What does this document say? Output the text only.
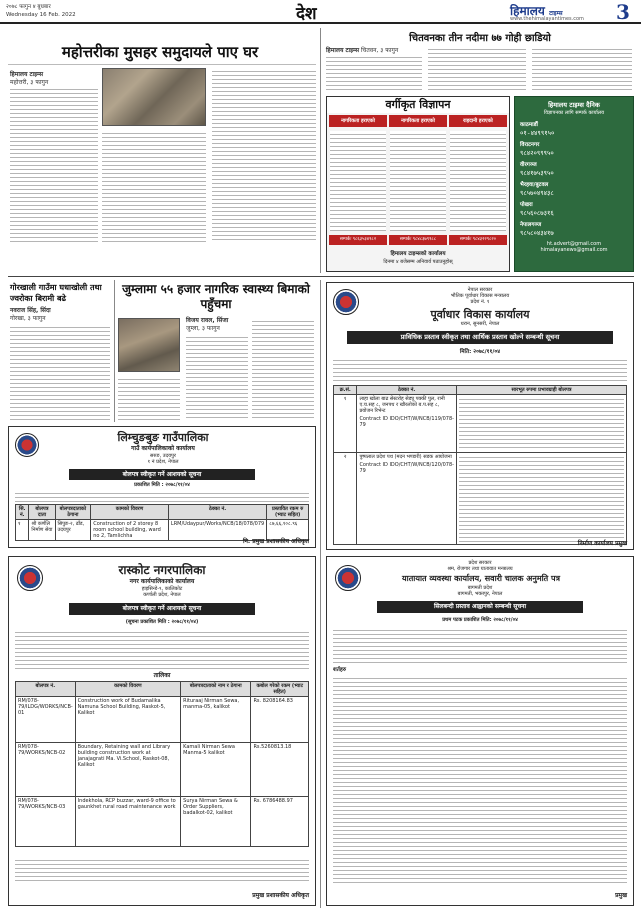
२०७८ फागुन ४ बुधबार
Wednesday 16 Feb. 2022	देश	हिमालय टाइम्स
www.thehimalayantimes.com 3
महोत्तरीका मुसहर समुदायले पाए घर
हिमालय टाइम्स
महोत्तरी, ३ फागुन
चितवनका तीन नदीमा ७७ गोही छाडियो
हिमालय टाइम्स चितवन, ३ फागुन
वर्गीकृत विज्ञापन
नागरिकता हराएको	नागरिकता हराएको	राहदानी हराएको
सम्पर्कः ९८६३५३४९८२	सम्पर्कः ९८४८३७९९८८	सम्पर्कः ९८४३२२९८२०
हिमालय टाइम्सको कार्यालय
दिनमा ४ बजेसम्म अनिवार्य पठाउनुहोस्
हिमालय टाइम्स दैनिक
विज्ञापनका लागि सम्पर्क कार्यालय
काठमाडौं
०१-४४९९१५०
विराटनगर
९८४२०९९९५०
वीरगञ्ज
९८४१७५३९५०
भैरहवा/बुटवल
९८५७०४९४३८
पोखरा
९८५६०८७३१६
नेपालगञ्ज
९८५८०४३४१७
ht.advert@gmail.com
himalayanews@gmail.com
गोरखाली गाउँमा घधाखोली तथा ज्वरोका बिरामी बढे
नवराज सिंह, सिंदा
गोरखा, ३ फागुन
जुम्लामा ५५ हजार नागरिक स्वास्थ्य बिमाको पहुँचमा
विजय रावल, सिंजा
जुम्ला, ३ फागुन
नेपाल सरकार
भौतिक पूर्वाधार विकास मन्त्रालय
प्रदेश नं. १
पूर्वाधार विकास कार्यालय
धरान, सुनसरी, नेपाल
प्राविधिक प्रस्ताव स्वीकृत तथा आर्थिक प्रस्ताव खोल्ने सम्बन्धी सूचना
मिति: २०७८/११/०४
क्र.सं.	ठेक्का नं.	सारभूत रुपमा प्रभावग्राही बोलपत्र
१	लाहा खोला बाढ सेस्टरोह सेड्यू पक्की पुल, रानी ए.च.सह ८, जनपथ र खौरलोको ब.प.सह ८, प्रयोजन रिभेन्ट
Contract ID IDO/CHT/W/NCB/119/078-79	

२	पुष्पलाल प्रदेश पथ (मदन भण्डारी) सडक आयोजना
Contract ID IDO/CHT/W/NCB/120/078-79	

निर्माण कार्यालय प्रमुख
लिम्चुङबुङ गाउँपालिका
गाउँ कार्यपालिकाको कार्यालय
सरुङ, उदयपुर
१ नं प्रदेश, नेपाल
बोलपत्र स्वीकृत गर्ने आशयको सूचना
प्रकाशित मिति : २०७८/११/०४
सि. नं.	बोलपत्र दाता	बोलपत्रदाताको ठेगाना	कामको विवरण	ठेक्का नं.	प्रस्तावित रकम रु (भ्याट सहित)
१	श्री कर्णलि निर्माण सेवा	सिपुङ-२, ढाँड, उदयपुर	Construction of 2 storey 8 room school building, ward no 2, Tamlichha	LRM/Udaypur/Works/NCB/18/078/079	८७,६६,१०८.९६
नि. प्रमुख प्रशासकीय अधिकृत
रास्कोट नगरपालिका
नगर कार्यपालिकाको कार्यालय
हाइसिन्डे-९, कालिकोट
कर्णाली प्रदेश, नेपाल
बोलपत्र स्वीकृत गर्ने आशयको सूचना
(सूचना प्रकाशित मिति : २०७८/११/०४)
तालिका
बोलपत्र नं.	कामको विवरण	बोलपत्रदाताको नाम र ठेगाना	कबोल गरेको रकम (भ्याट सहित)
RM/078-79/ILDG/WORKS/NCB-01	Construction work of Budamalika Namuna School Building, Raskot-5, Kalikot	Rituraaj Nirman Sewa, manma-05, kalikot	Rs. 8208164.83
RM/078-79/WORKS/NCB-02	Boundary, Retaining wall and Library building construction work at janajagrati Ma. Vi.School, Raskot-08, Kalikot	Kamali Nirman Sewa Manma-5 kalikot	Rs.5260813.18
RM/078-79/WORKS/NCB-03	Indekhola, RCP buzzar, ward-9 office to gaunkhet rural road maintenance work	Surya Nirman Sewa & Order Suppliers, badalkot-02, kalikot	Rs. 6786488.97
प्रमुख प्रशासकीय अधिकृत
प्रदेश सरकार
श्रम, रोजगार तथा यातायात मन्त्रालय
यातायात व्यवस्था कार्यालय, सवारी चालक अनुमति पत्र
बागमती प्रदेश
बागमती, भक्तपुर, नेपाल
सिलबन्दी प्रस्ताव आह्वानको सम्बन्धी सूचना
प्रथम पटक प्रकाशित मिति: २०७८/११/०४
शर्तहरु
प्रमुख
